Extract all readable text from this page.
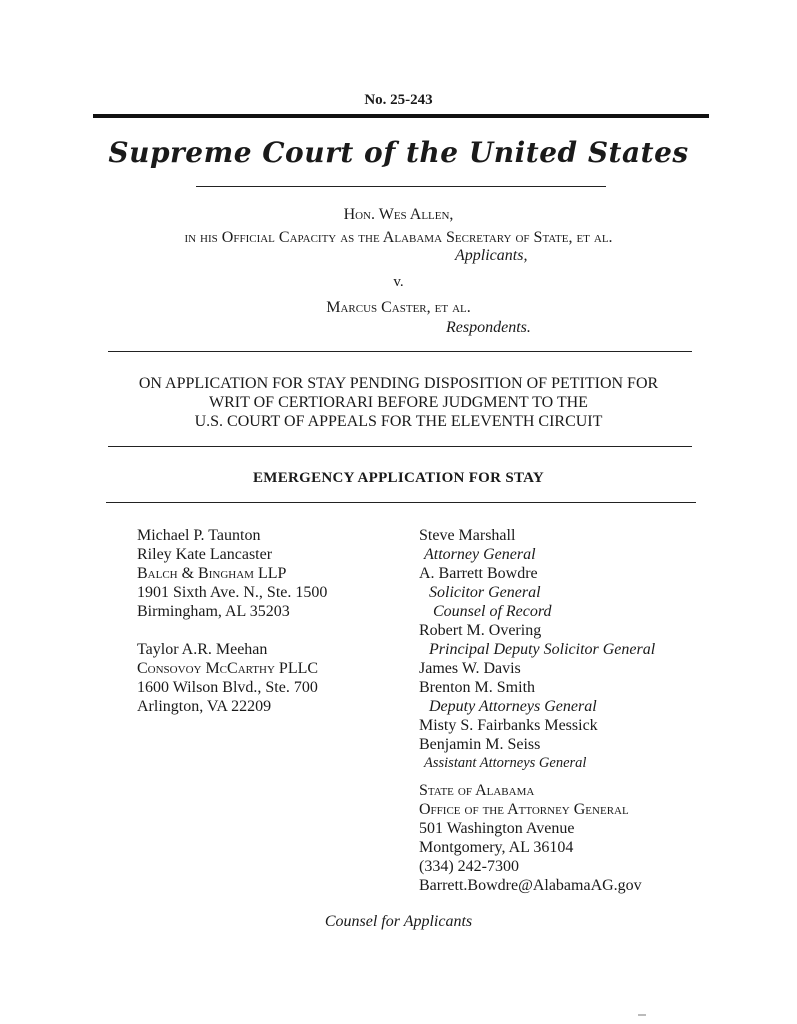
No. 25-243
Supreme Court of the United States
Hon. Wes Allen,
in his Official Capacity as the Alabama Secretary of State, et al.
Applicants,
v.
Marcus Caster, et al.
Respondents.
ON APPLICATION FOR STAY PENDING DISPOSITION OF PETITION FOR
WRIT OF CERTIORARI BEFORE JUDGMENT TO THE
U.S. COURT OF APPEALS FOR THE ELEVENTH CIRCUIT
EMERGENCY APPLICATION FOR STAY
Michael P. Taunton
Riley Kate Lancaster
Balch & Bingham LLP
1901 Sixth Ave. N., Ste. 1500
Birmingham, AL 35203
Taylor A.R. Meehan
Consovoy McCarthy PLLC
1600 Wilson Blvd., Ste. 700
Arlington, VA 22209
Steve Marshall
Attorney General
A. Barrett Bowdre
Solicitor General
Counsel of Record
Robert M. Overing
Principal Deputy Solicitor General
James W. Davis
Brenton M. Smith
Deputy Attorneys General
Misty S. Fairbanks Messick
Benjamin M. Seiss
Assistant Attorneys General
State of Alabama
Office of the Attorney General
501 Washington Avenue
Montgomery, AL 36104
(334) 242-7300
Barrett.Bowdre@AlabamaAG.gov
Counsel for Applicants
